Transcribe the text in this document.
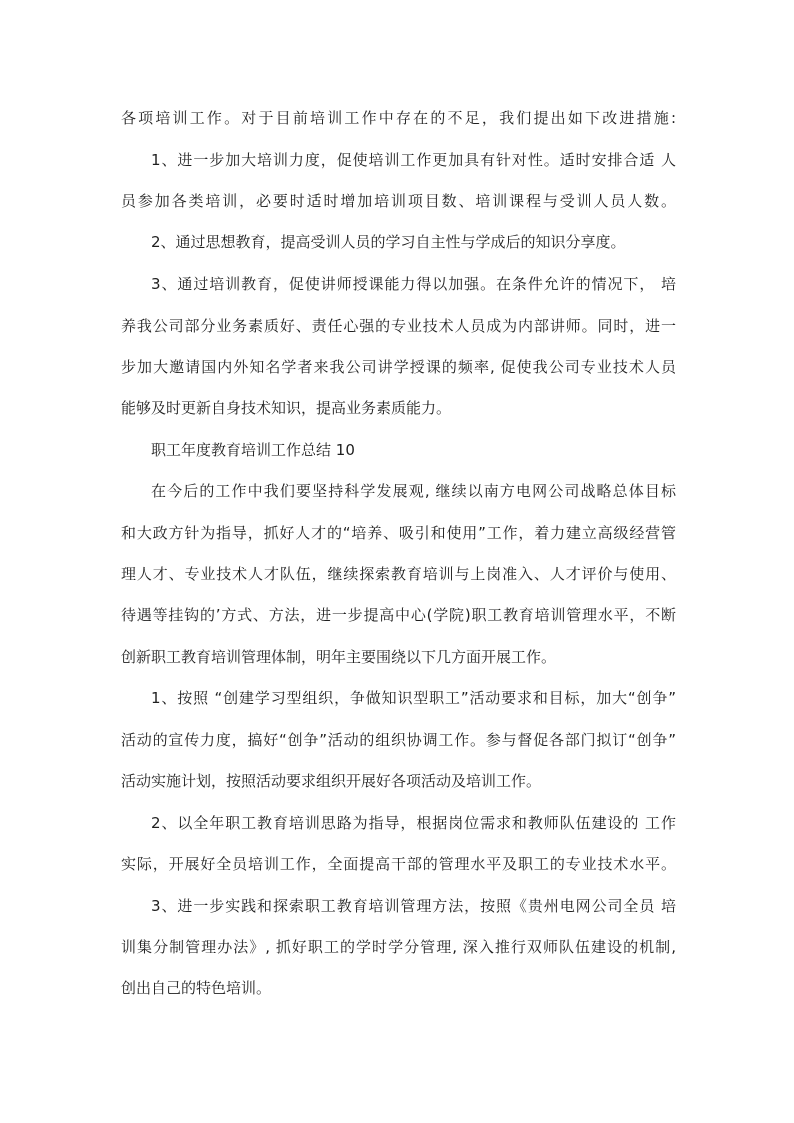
各项培训工作。对于目前培训工作中存在的不足，我们提出如下改进措施:
1、进一步加大培训力度，促使培训工作更加具有针对性。适时安排合适 人
员参加各类培训，必要时适时增加培训项目数、培训课程与受训人员人数。
2、通过思想教育，提高受训人员的学习自主性与学成后的知识分享度。
3、通过培训教育，促使讲师授课能力得以加强。在条件允许的情况下， 培
养我公司部分业务素质好、责任心强的专业技术人员成为内部讲师。同时，进一
步加大邀请国内外知名学者来我公司讲学授课的频率, 促使我公司专业技术人员
能够及时更新自身技术知识，提高业务素质能力。
职工年度教育培训工作总结 10
在今后的工作中我们要坚持科学发展观, 继续以南方电网公司战略总体目标
和大政方针为指导，抓好人才的“培养、吸引和使用”工作，着力建立高级经营管
理人才、专业技术人才队伍，继续探索教育培训与上岗准入、人才评价与使用、
待遇等挂钩的’方式、方法，进一步提高中心(学院)职工教育培训管理水平，不断
创新职工教育培训管理体制，明年主要围绕以下几方面开展工作。
1、按照 “创建学习型组织，争做知识型职工”活动要求和目标，加大“创争”
活动的宣传力度，搞好“创争”活动的组织协调工作。参与督促各部门拟订“创争”
活动实施计划，按照活动要求组织开展好各项活动及培训工作。
2、以全年职工教育培训思路为指导，根据岗位需求和教师队伍建设的 工作
实际，开展好全员培训工作，全面提高干部的管理水平及职工的专业技术水平。
3、进一步实践和探索职工教育培训管理方法，按照《贵州电网公司全员 培
训集分制管理办法》, 抓好职工的学时学分管理, 深入推行双师队伍建设的机制,
创出自己的特色培训。
